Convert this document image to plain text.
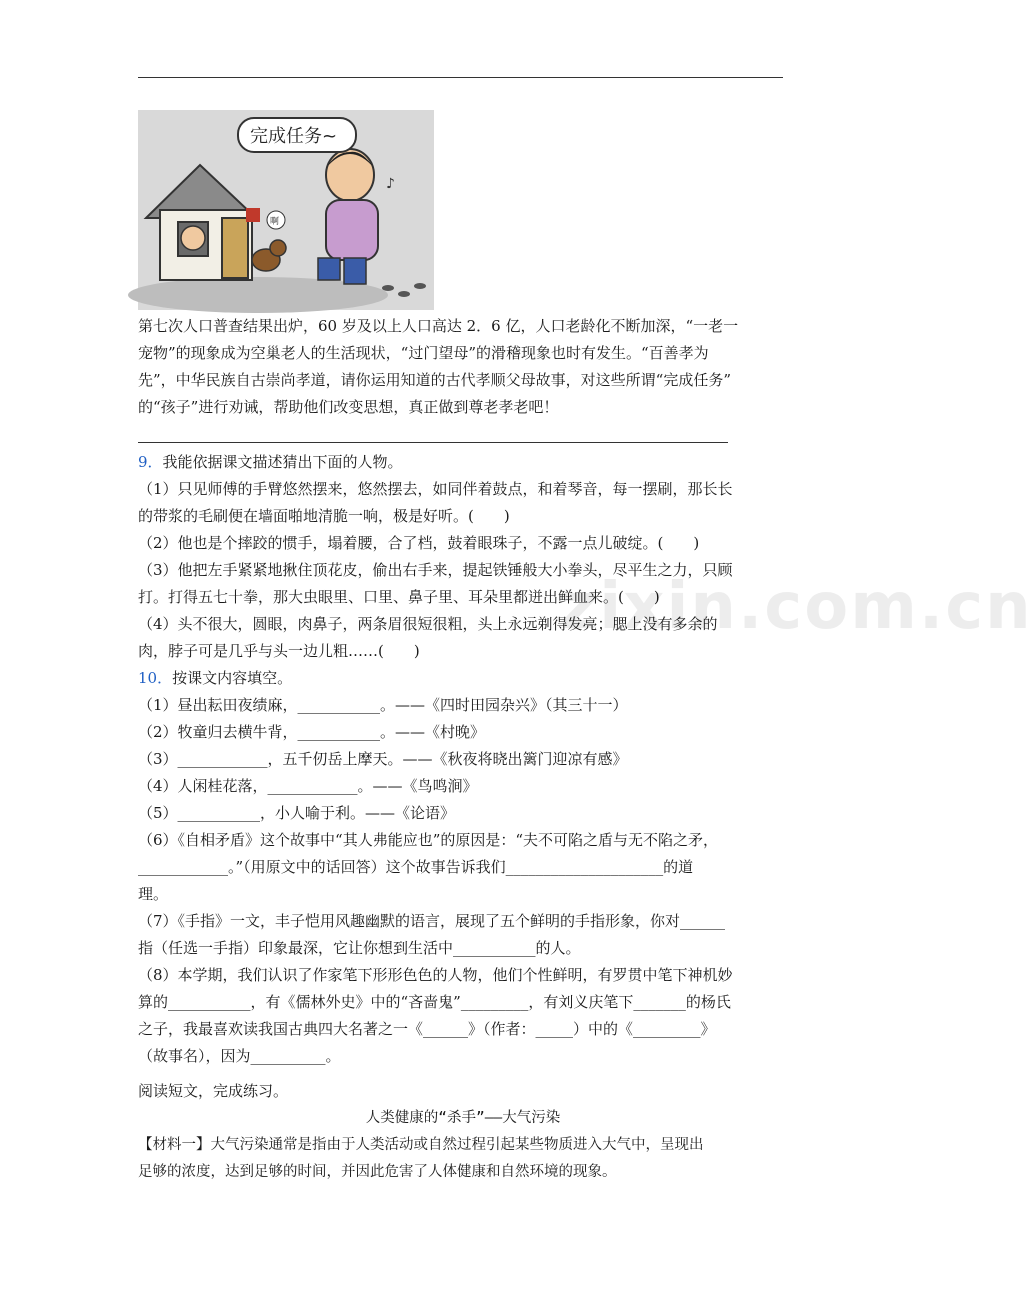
啊
♪
完成任务~
第七次人口普查结果出炉，60 岁及以上人口高达 2．6 亿，人口老龄化不断加深，“一老一
宠物”的现象成为空巢老人的生活现状，“过门望母”的滑稽现象也时有发生。“百善孝为
先”，中华民族自古崇尚孝道，请你运用知道的古代孝顺父母故事，对这些所谓“完成任务”
的“孩子”进行劝诫，帮助他们改变思想，真正做到尊老孝老吧！
9．我能依据课文描述猜出下面的人物。
（1）只见师傅的手臂悠然摆来，悠然摆去，如同伴着鼓点，和着琴音，每一摆刷，那长长
的带浆的毛刷便在墙面啪地清脆一响，极是好听。(　　)
（2）他也是个摔跤的惯手，塌着腰，合了档，鼓着眼珠子，不露一点儿破绽。(　　)
（3）他把左手紧紧地揪住顶花皮，偷出右手来，提起铁锤般大小拳头，尽平生之力，只顾
打。打得五七十拳，那大虫眼里、口里、鼻子里、耳朵里都迸出鲜血来。(　　)
（4）头不很大，圆眼，肉鼻子，两条眉很短很粗，头上永远剃得发亮；腮上没有多余的
肉，脖子可是几乎与头一边儿粗……(　　)
10．按课文内容填空。
（1）昼出耘田夜绩麻，___________。——《四时田园杂兴》（其三十一）
（2）牧童归去横牛背，___________。——《村晚》
（3）____________，五千仞岳上摩天。——《秋夜将晓出篱门迎凉有感》
（4）人闲桂花落，____________。——《鸟鸣涧》
（5）___________，小人喻于利。——《论语》
（6）《自相矛盾》这个故事中“其人弗能应也”的原因是：“夫不可陷之盾与无不陷之矛，
____________。”（用原文中的话回答）这个故事告诉我们_____________________的道
理。
（7）《手指》一文，丰子恺用风趣幽默的语言，展现了五个鲜明的手指形象，你对______
指（任选一手指）印象最深，它让你想到生活中___________的人。
（8）本学期，我们认识了作家笔下形形色色的人物，他们个性鲜明，有罗贯中笔下神机妙
算的___________，有《儒林外史》中的“吝啬鬼”_________，有刘义庆笔下_______的杨氏
之子，我最喜欢读我国古典四大名著之一《______》（作者：_____）中的《_________》
（故事名），因为__________。
阅读短文，完成练习。
人类健康的“杀手”——大气污染
【材料一】大气污染通常是指由于人类活动或自然过程引起某些物质进入大气中，呈现出
足够的浓度，达到足够的时间，并因此危害了人体健康和自然环境的现象。
zixin.com.cn
